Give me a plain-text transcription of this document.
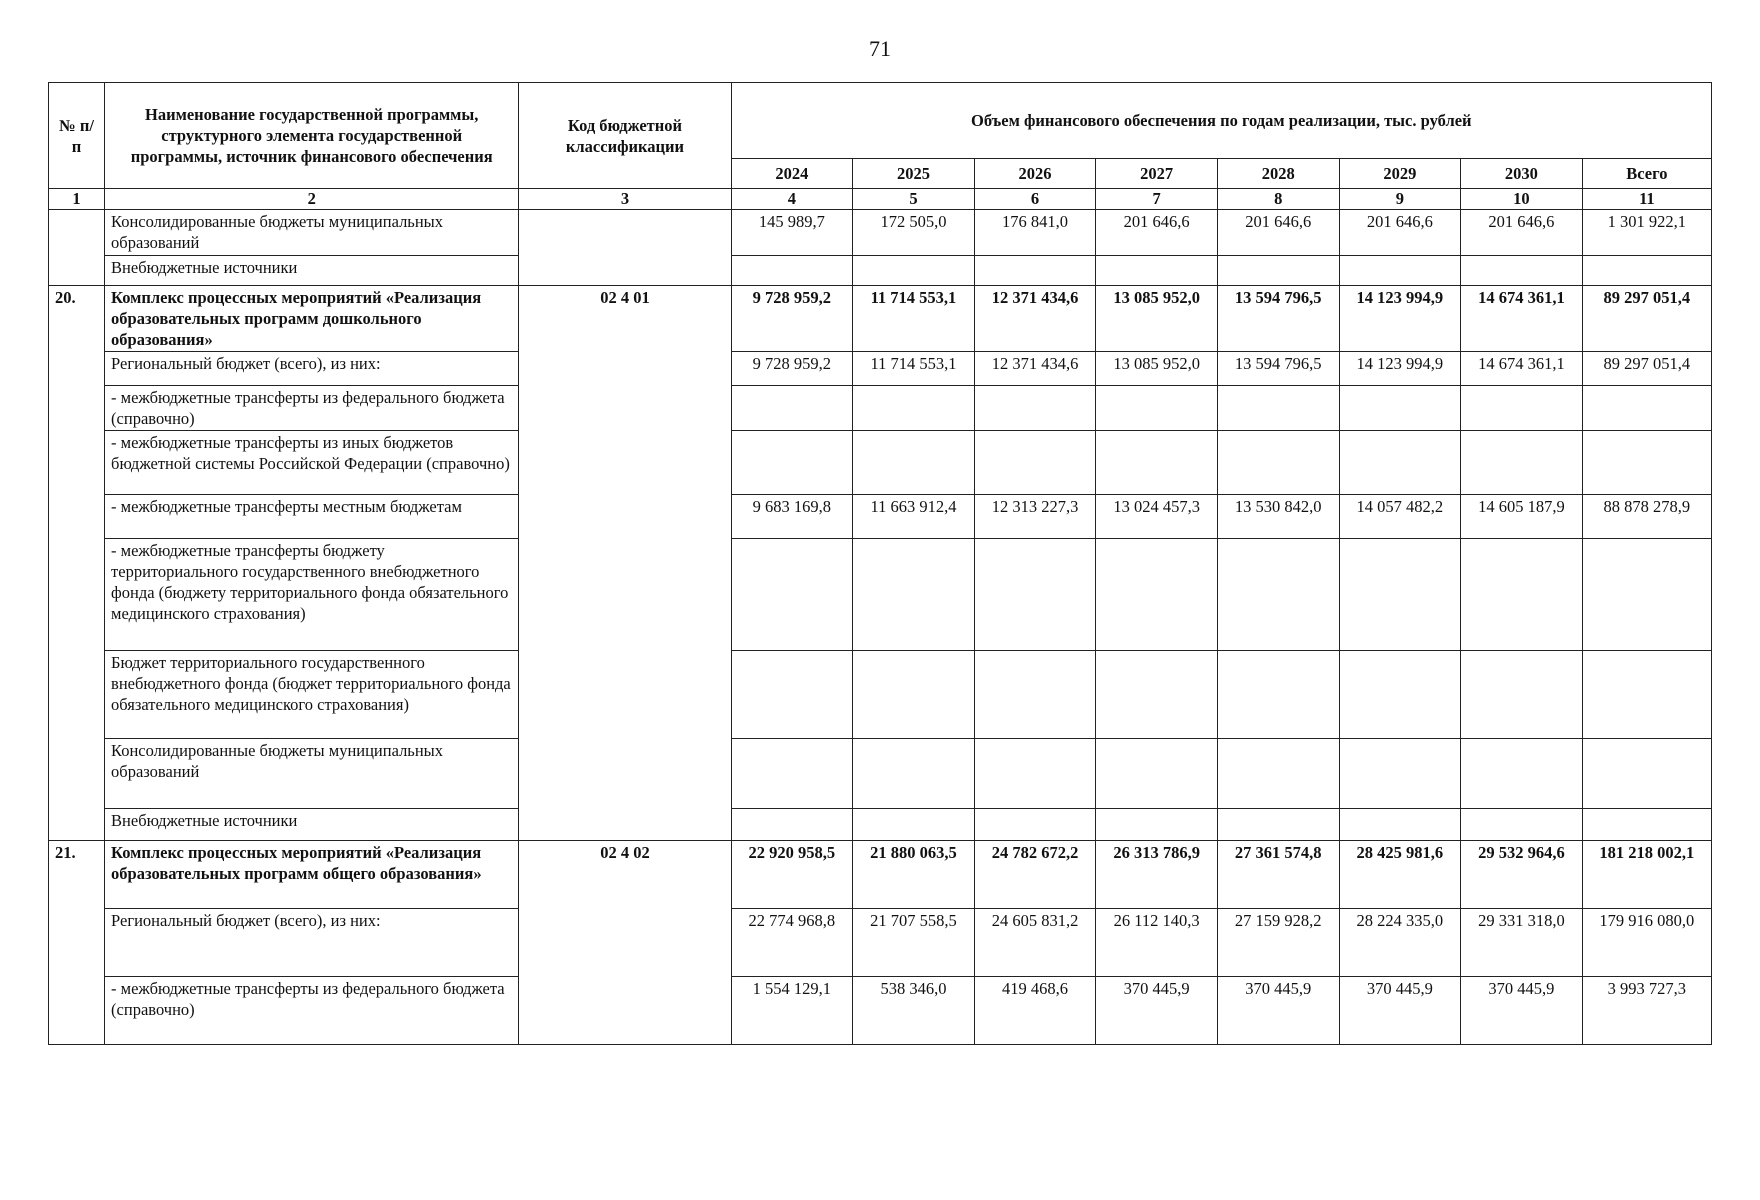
71
№ п/п	Наименование государственной программы, структурного элемента государственной программы, источник финансового обеспечения	Код бюджетной классификации	Объем финансового обеспечения по годам реализации, тыс. рублей							
			2024	2025	2026	2027	2028	2029	2030	Всего
1	2	3	4	5	6	7	8	9	10	11
	Консолидированные бюджеты муниципальных образований		145 989,7	172 505,0	176 841,0	201 646,6	201 646,6	201 646,6	201 646,6	1 301 922,1
	Внебюджетные источники									
20.	Комплекс процессных мероприятий «Реализация образовательных программ дошкольного образования»	02 4 01	9 728 959,2	11 714 553,1	12 371 434,6	13 085 952,0	13 594 796,5	14 123 994,9	14 674 361,1	89 297 051,4
	Региональный бюджет (всего), из них:		9 728 959,2	11 714 553,1	12 371 434,6	13 085 952,0	13 594 796,5	14 123 994,9	14 674 361,1	89 297 051,4
	- межбюджетные трансферты из федерального бюджета (справочно)									
	- межбюджетные трансферты из иных бюджетов бюджетной системы Российской Федерации (справочно)									
	- межбюджетные трансферты местным бюджетам		9 683 169,8	11 663 912,4	12 313 227,3	13 024 457,3	13 530 842,0	14 057 482,2	14 605 187,9	88 878 278,9
	- межбюджетные трансферты бюджету территориального государственного внебюджетного фонда (бюджету территориального фонда обязательного медицинского страхования)									
	Бюджет территориального государственного внебюджетного фонда (бюджет территориального фонда обязательного медицинского страхования)									
	Консолидированные бюджеты муниципальных образований									
	Внебюджетные источники									
21.	Комплекс процессных мероприятий «Реализация образовательных программ общего образования»	02 4 02	22 920 958,5	21 880 063,5	24 782 672,2	26 313 786,9	27 361 574,8	28 425 981,6	29 532 964,6	181 218 002,1
	Региональный бюджет (всего), из них:		22 774 968,8	21 707 558,5	24 605 831,2	26 112 140,3	27 159 928,2	28 224 335,0	29 331 318,0	179 916 080,0
	- межбюджетные трансферты из федерального бюджета (справочно)		1 554 129,1	538 346,0	419 468,6	370 445,9	370 445,9	370 445,9	370 445,9	3 993 727,3
